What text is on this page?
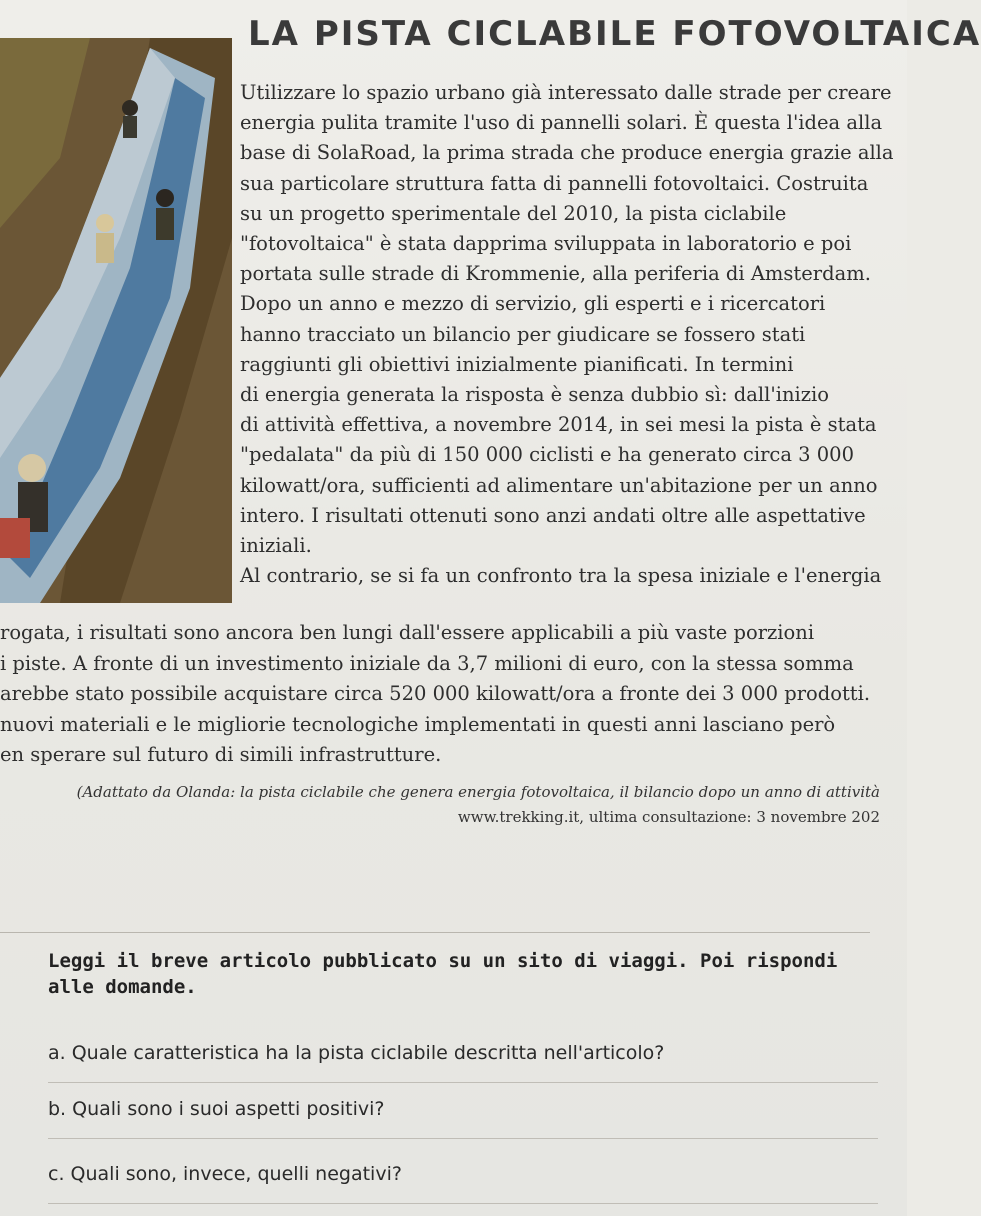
LA PISTA CICLABILE FOTOVOLTAICA
Utilizzare lo spazio urbano già interessato dalle strade per creare
energia pulita tramite l'uso di pannelli solari. È questa l'idea alla
base di SolaRoad, la prima strada che produce energia grazie alla
sua particolare struttura fatta di pannelli fotovoltaici. Costruita
su un progetto sperimentale del 2010, la pista ciclabile
"fotovoltaica" è stata dapprima sviluppata in laboratorio e poi
portata sulle strade di Krommenie, alla periferia di Amsterdam.
Dopo un anno e mezzo di servizio, gli esperti e i ricercatori
hanno tracciato un bilancio per giudicare se fossero stati
raggiunti gli obiettivi inizialmente pianificati. In termini
di energia generata la risposta è senza dubbio sì: dall'inizio
di attività effettiva, a novembre 2014, in sei mesi la pista è stata
"pedalata" da più di 150 000 ciclisti e ha generato circa 3 000
kilowatt/ora, sufficienti ad alimentare un'abitazione per un anno
intero. I risultati ottenuti sono anzi andati oltre alle aspettative
iniziali.
Al contrario, se si fa un confronto tra la spesa iniziale e l'energia
rogata, i risultati sono ancora ben lungi dall'essere applicabili a più vaste porzioni
i piste. A fronte di un investimento iniziale da 3,7 milioni di euro, con la stessa somma
arebbe stato possibile acquistare circa 520 000 kilowatt/ora a fronte dei 3 000 prodotti.
nuovi materiali e le migliorie tecnologiche implementati in questi anni lasciano però
en sperare sul futuro di simili infrastrutture.
(Adattato da Olanda: la pista ciclabile che genera energia fotovoltaica, il bilancio dopo un anno di attività
www.trekking.it, ultima consultazione: 3 novembre 202
Leggi il breve articolo pubblicato su un sito di viaggi. Poi rispondi alle domande.
a. Quale caratteristica ha la pista ciclabile descritta nell'articolo?
b. Quali sono i suoi aspetti positivi?
c. Quali sono, invece, quelli negativi?
